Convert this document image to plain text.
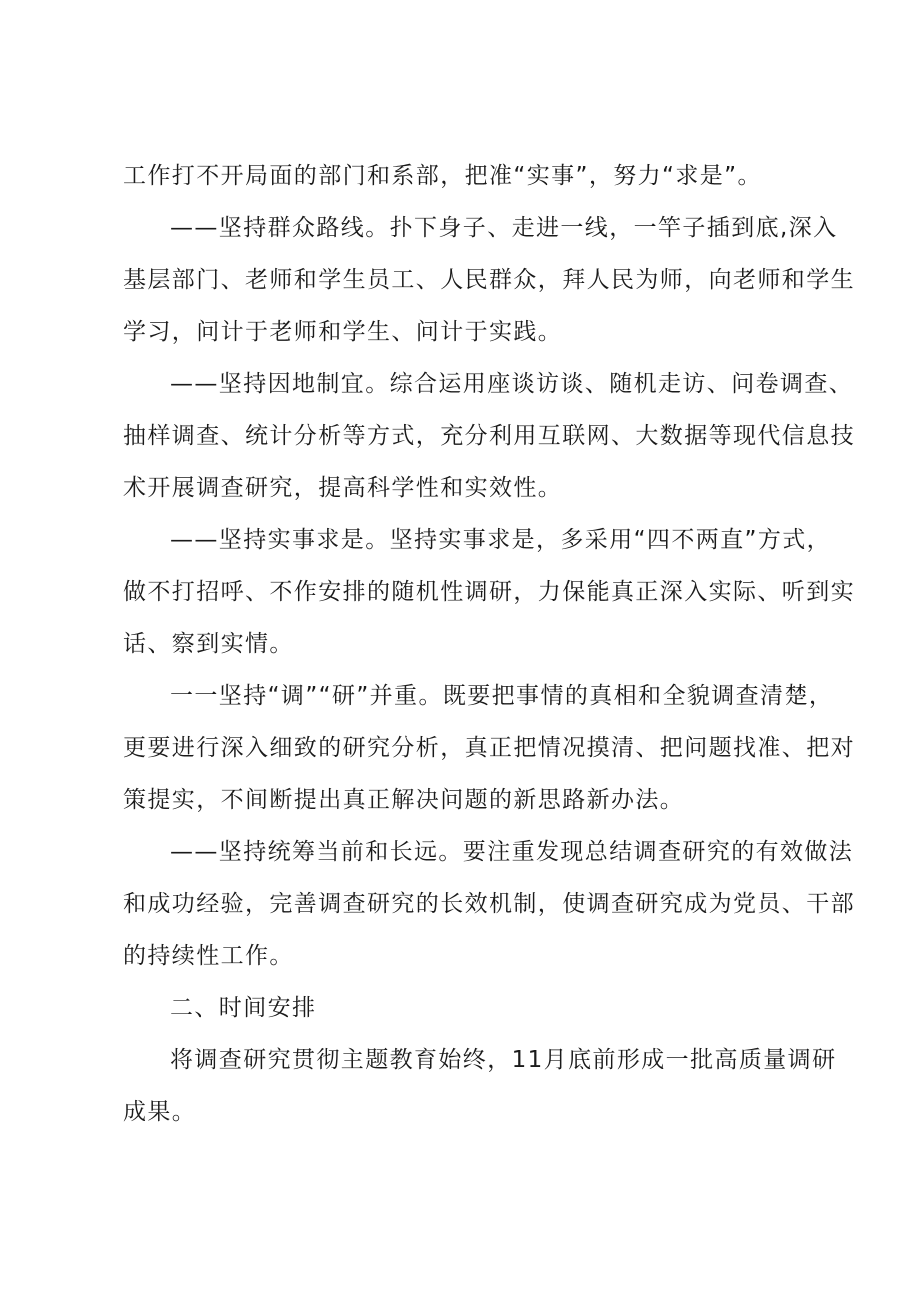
工作打不开局面的部门和系部，把准“实事”，努力“求是”。

——坚持群众路线。扑下身子、走进一线，一竿子插到底,深入

基层部门、老师和学生员工、人民群众，拜人民为师，向老师和学生

学习，问计于老师和学生、问计于实践。

——坚持因地制宜。综合运用座谈访谈、随机走访、问卷调查、

抽样调查、统计分析等方式，充分利用互联网、大数据等现代信息技

术开展调查研究，提高科学性和实效性。

——坚持实事求是。坚持实事求是，多采用“四不两直”方式，

做不打招呼、不作安排的随机性调研，力保能真正深入实际、听到实

话、察到实情。

一一坚持“调”“研”并重。既要把事情的真相和全貌调查清楚，

更要进行深入细致的研究分析，真正把情况摸清、把问题找准、把对

策提实，不间断提出真正解决问题的新思路新办法。

——坚持统筹当前和长远。要注重发现总结调查研究的有效做法

和成功经验，完善调查研究的长效机制，使调查研究成为党员、干部

的持续性工作。

二、时间安排

将调查研究贯彻主题教育始终，11月底前形成一批高质量调研

成果。
